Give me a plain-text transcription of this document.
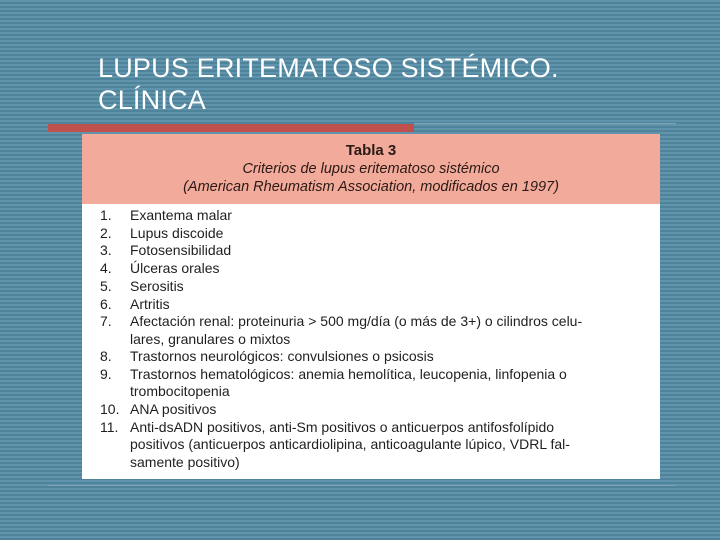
LUPUS ERITEMATOSO SISTÉMICO.
CLÍNICA
Tabla 3
Criterios de lupus eritematoso sistémico
(American Rheumatism Association, modificados en 1997)
1.	Exantema malar
2.	Lupus discoide
3.	Fotosensibilidad
4.	Úlceras orales
5.	Serositis
6.	Artritis
7.	Afectación renal: proteinuria > 500 mg/día (o más de 3+) o cilindros celu-
lares, granulares o mixtos
8.	Trastornos neurológicos: convulsiones o psicosis
9.	Trastornos hematológicos: anemia hemolítica, leucopenia, linfopenia o
trombocitopenia
10. ANA positivos
11. Anti-dsADN positivos, anti-Sm positivos o anticuerpos antifosfolípido
positivos (anticuerpos anticardiolipina, anticoagulante lúpico, VDRL fal-
samente positivo)
